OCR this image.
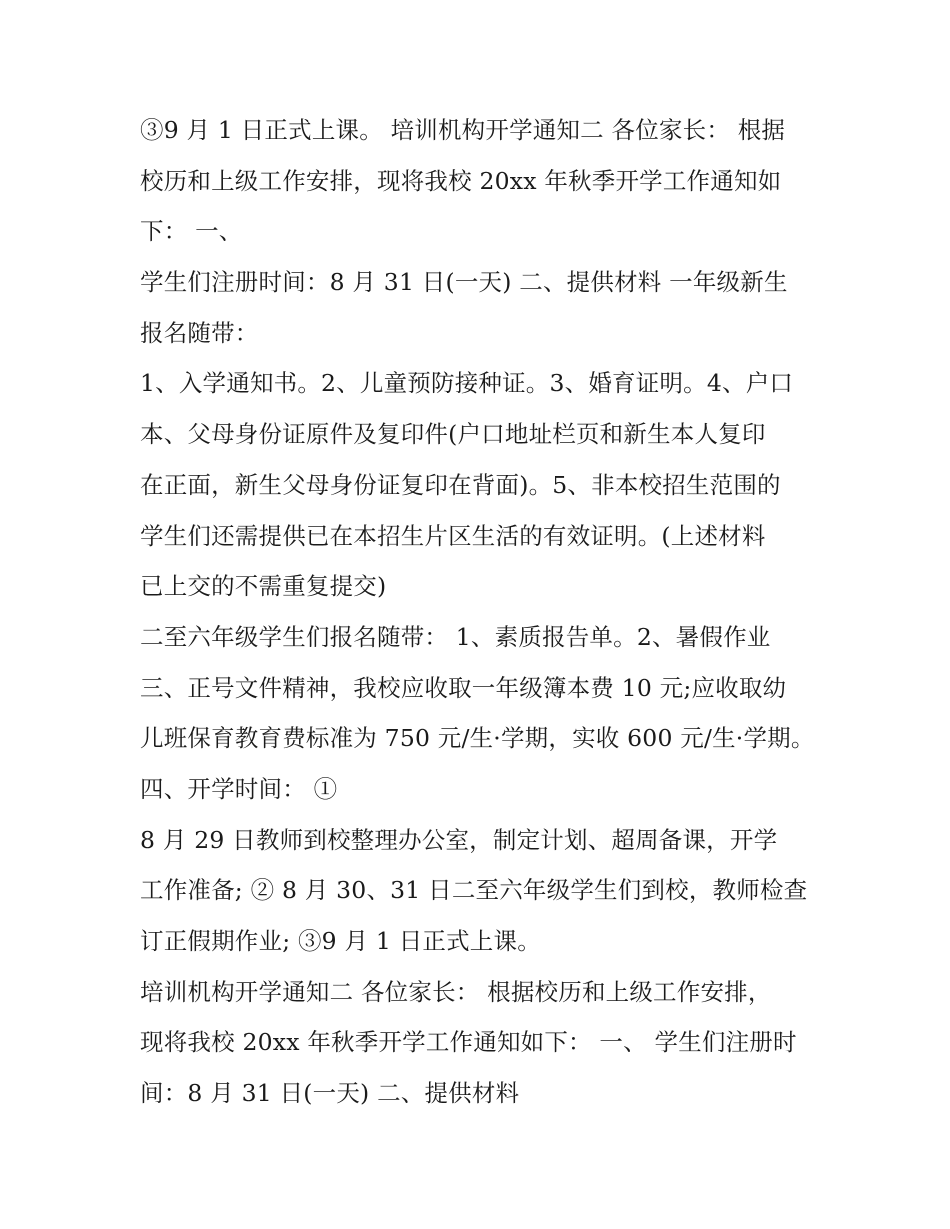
③9 月 1 日正式上课。 培训机构开学通知二 各位家长： 根据
校历和上级工作安排，现将我校 20xx 年秋季开学工作通知如
下： 一、
学生们注册时间：8 月 31 日(一天) 二、提供材料 一年级新生
报名随带：
1、入学通知书。2、儿童预防接种证。3、婚育证明。4、户口
本、父母身份证原件及复印件(户口地址栏页和新生本人复印
在正面，新生父母身份证复印在背面)。5、非本校招生范围的
学生们还需提供已在本招生片区生活的有效证明。(上述材料
已上交的不需重复提交)
二至六年级学生们报名随带： 1、素质报告单。2、暑假作业
三、正号文件精神，我校应收取一年级簿本费 10 元;应收取幼
儿班保育教育费标准为 750 元/生·学期，实收 600 元/生·学期。
四、开学时间： ①
8 月 29 日教师到校整理办公室，制定计划、超周备课，开学
工作准备; ② 8 月 30、31 日二至六年级学生们到校，教师检查
订正假期作业; ③9 月 1 日正式上课。
培训机构开学通知二 各位家长： 根据校历和上级工作安排，
现将我校 20xx 年秋季开学工作通知如下： 一、 学生们注册时
间：8 月 31 日(一天) 二、提供材料
